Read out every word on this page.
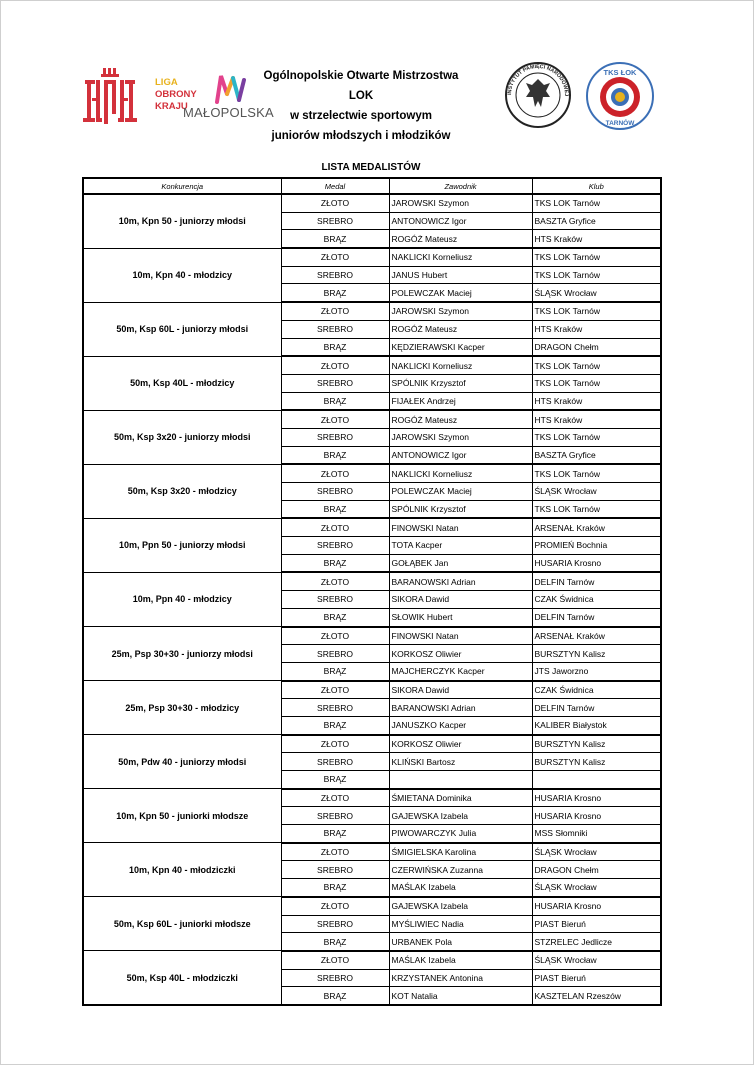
LIGA
OBRONY
KRAJU
MAŁOPOLSKA
Ogólnopolskie Otwarte Mistrzostwa LOK
w strzelectwie sportowym
juniorów młodszych i młodzików
INSTYTUT PAMIĘCI NARODOWEJ
TKS ŁOK
TARNÓW
LISTA MEDALISTÓW
Konkurencja	Medal	Zawodnik	Klub
10m, Kpn 50 - juniorzy młodsi	ZŁOTO	JAROWSKI Szymon	TKS LOK Tarnów
	SREBRO	ANTONOWICZ Igor	BASZTA Gryfice
	BRĄZ	ROGÓŻ Mateusz	HTS Kraków
10m, Kpn 40 - młodzicy	ZŁOTO	NAKLICKI Korneliusz	TKS LOK Tarnów
	SREBRO	JANUS Hubert	TKS LOK Tarnów
	BRĄZ	POLEWCZAK Maciej	ŚLĄSK Wrocław
50m, Ksp 60L - juniorzy młodsi	ZŁOTO	JAROWSKI Szymon	TKS LOK Tarnów
	SREBRO	ROGÓŻ Mateusz	HTS Kraków
	BRĄZ	KĘDZIERAWSKI Kacper	DRAGON Chełm
50m, Ksp 40L - młodzicy	ZŁOTO	NAKLICKI Korneliusz	TKS LOK Tarnów
	SREBRO	SPÓLNIK Krzysztof	TKS LOK Tarnów
	BRĄZ	FIJAŁEK Andrzej	HTS Kraków
50m, Ksp 3x20 - juniorzy młodsi	ZŁOTO	ROGÓŻ Mateusz	HTS Kraków
	SREBRO	JAROWSKI Szymon	TKS LOK Tarnów
	BRĄZ	ANTONOWICZ Igor	BASZTA Gryfice
50m, Ksp 3x20 - młodzicy	ZŁOTO	NAKLICKI Korneliusz	TKS LOK Tarnów
	SREBRO	POLEWCZAK Maciej	ŚLĄSK Wrocław
	BRĄZ	SPÓLNIK Krzysztof	TKS LOK Tarnów
10m, Ppn 50 - juniorzy młodsi	ZŁOTO	FINOWSKI Natan	ARSENAŁ Kraków
	SREBRO	TOTA Kacper	PROMIEŃ Bochnia
	BRĄZ	GOŁĄBEK Jan	HUSARIA Krosno
10m, Ppn 40 - młodzicy	ZŁOTO	BARANOWSKI Adrian	DELFIN Tarnów
	SREBRO	SIKORA Dawid	CZAK Świdnica
	BRĄZ	SŁOWIK Hubert	DELFIN Tarnów
25m, Psp 30+30 - juniorzy młodsi	ZŁOTO	FINOWSKI Natan	ARSENAŁ Kraków
	SREBRO	KORKOSZ Oliwier	BURSZTYN Kalisz
	BRĄZ	MAJCHERCZYK Kacper	JTS Jaworzno
25m, Psp 30+30 - młodzicy	ZŁOTO	SIKORA Dawid	CZAK Świdnica
	SREBRO	BARANOWSKI Adrian	DELFIN Tarnów
	BRĄZ	JANUSZKO Kacper	KALIBER Białystok
50m, Pdw 40 - juniorzy młodsi	ZŁOTO	KORKOSZ Oliwier	BURSZTYN Kalisz
	SREBRO	KLIŃSKI Bartosz	BURSZTYN Kalisz
	BRĄZ		
10m, Kpn 50 - juniorki młodsze	ZŁOTO	ŚMIETANA Dominika	HUSARIA Krosno
	SREBRO	GAJEWSKA Izabela	HUSARIA Krosno
	BRĄZ	PIWOWARCZYK Julia	MSS Słomniki
10m, Kpn 40 - młodziczki	ZŁOTO	ŚMIGIELSKA Karolina	ŚLĄSK Wrocław
	SREBRO	CZERWIŃSKA Zuzanna	DRAGON Chełm
	BRĄZ	MAŚLAK Izabela	ŚLĄSK Wrocław
50m, Ksp 60L - juniorki młodsze	ZŁOTO	GAJEWSKA Izabela	HUSARIA Krosno
	SREBRO	MYŚLIWIEC Nadia	PIAST Bieruń
	BRĄZ	URBANEK Pola	STZRELEC Jedlicze
50m, Ksp 40L - młodziczki	ZŁOTO	MAŚLAK Izabela	ŚLĄSK Wrocław
	SREBRO	KRZYSTANEK Antonina	PIAST Bieruń
	BRĄZ	KOT Natalia	KASZTELAN Rzeszów
